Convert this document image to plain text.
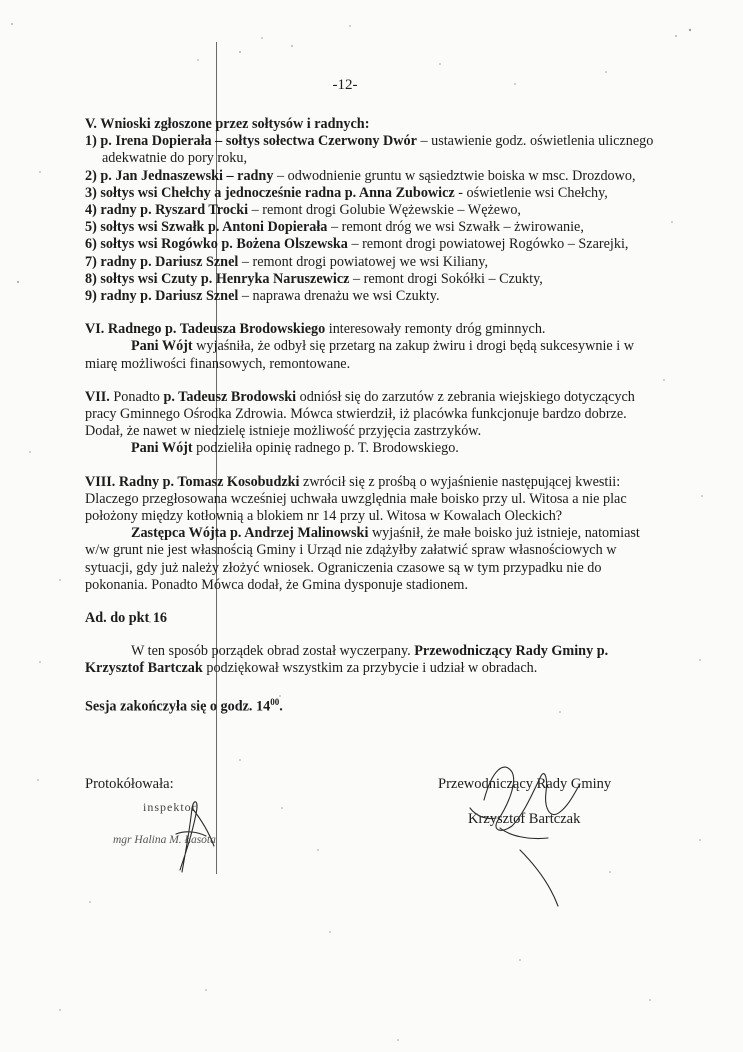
-12-

V. Wnioski zgłoszone przez sołtysów i radnych:

1) p. Irena Dopierała – sołtys sołectwa Czerwony Dwór – ustawienie godz. oświetlenia ulicznego adekwatnie do pory roku,

2) p. Jan Jednaszewski – radny – odwodnienie gruntu w sąsiedztwie boiska w msc. Drozdowo,

3) sołtys wsi Chełchy a jednocześnie radna p. Anna Zubowicz - oświetlenie wsi Chełchy,

4) radny p. Ryszard Trocki – remont drogi Golubie Wężewskie – Wężewo,

5) sołtys wsi Szwałk p. Antoni Dopierała – remont dróg we wsi Szwałk – żwirowanie,

6) sołtys wsi Rogówko p. Bożena Olszewska – remont drogi powiatowej Rogówko – Szarejki,

7) radny p. Dariusz Sznel – remont drogi powiatowej we wsi Kiliany,

8) sołtys wsi Czuty p. Henryka Naruszewicz – remont drogi Sokółki – Czukty,

9) radny p. Dariusz Sznel – naprawa drenażu we wsi Czukty.

VI. Radnego p. Tadeusza Brodowskiego interesowały remonty dróg gminnych.

Pani Wójt wyjaśniła, że odbył się przetarg na zakup żwiru i drogi będą sukcesywnie i w miarę możliwości finansowych, remontowane.

VII. Ponadto p. Tadeusz Brodowski odniósł się do zarzutów z zebrania wiejskiego dotyczących pracy Gminnego Ośrodka Zdrowia. Mówca stwierdził, iż placówka funkcjonuje bardzo dobrze. Dodał, że nawet w niedzielę istnieje możliwość przyjęcia zastrzyków.

Pani Wójt podzieliła opinię radnego p. T. Brodowskiego.

VIII. Radny p. Tomasz Kosobudzki zwrócił się z prośbą o wyjaśnienie następującej kwestii: Dlaczego przegłosowana wcześniej uchwała uwzględnia małe boisko przy ul. Witosa a nie plac położony między kotłownią a blokiem nr 14 przy ul. Witosa w Kowalach Oleckich?

Zastępca Wójta p. Andrzej Malinowski wyjaśnił, że małe boisko już istnieje, natomiast w/w grunt nie jest własnością Gminy i Urząd nie zdążyłby załatwić spraw własnościowych w sytuacji, gdy już należy złożyć wniosek. Ograniczenia czasowe są w tym przypadku nie do pokonania. Ponadto Mówca dodał, że Gmina dysponuje stadionem.

Ad. do pkt 16

W ten sposób porządek obrad został wyczerpany. Przewodniczący Rady Gminy p. Krzysztof Bartczak podziękował wszystkim za przybycie i udział w obradach.

Sesja zakończyła się o godz. $14^{00}$.

Protokółowała:
inspektor
mgr Halina M. Łasota
Przewodniczący Rady Gminy
Krzysztof Bartczak
